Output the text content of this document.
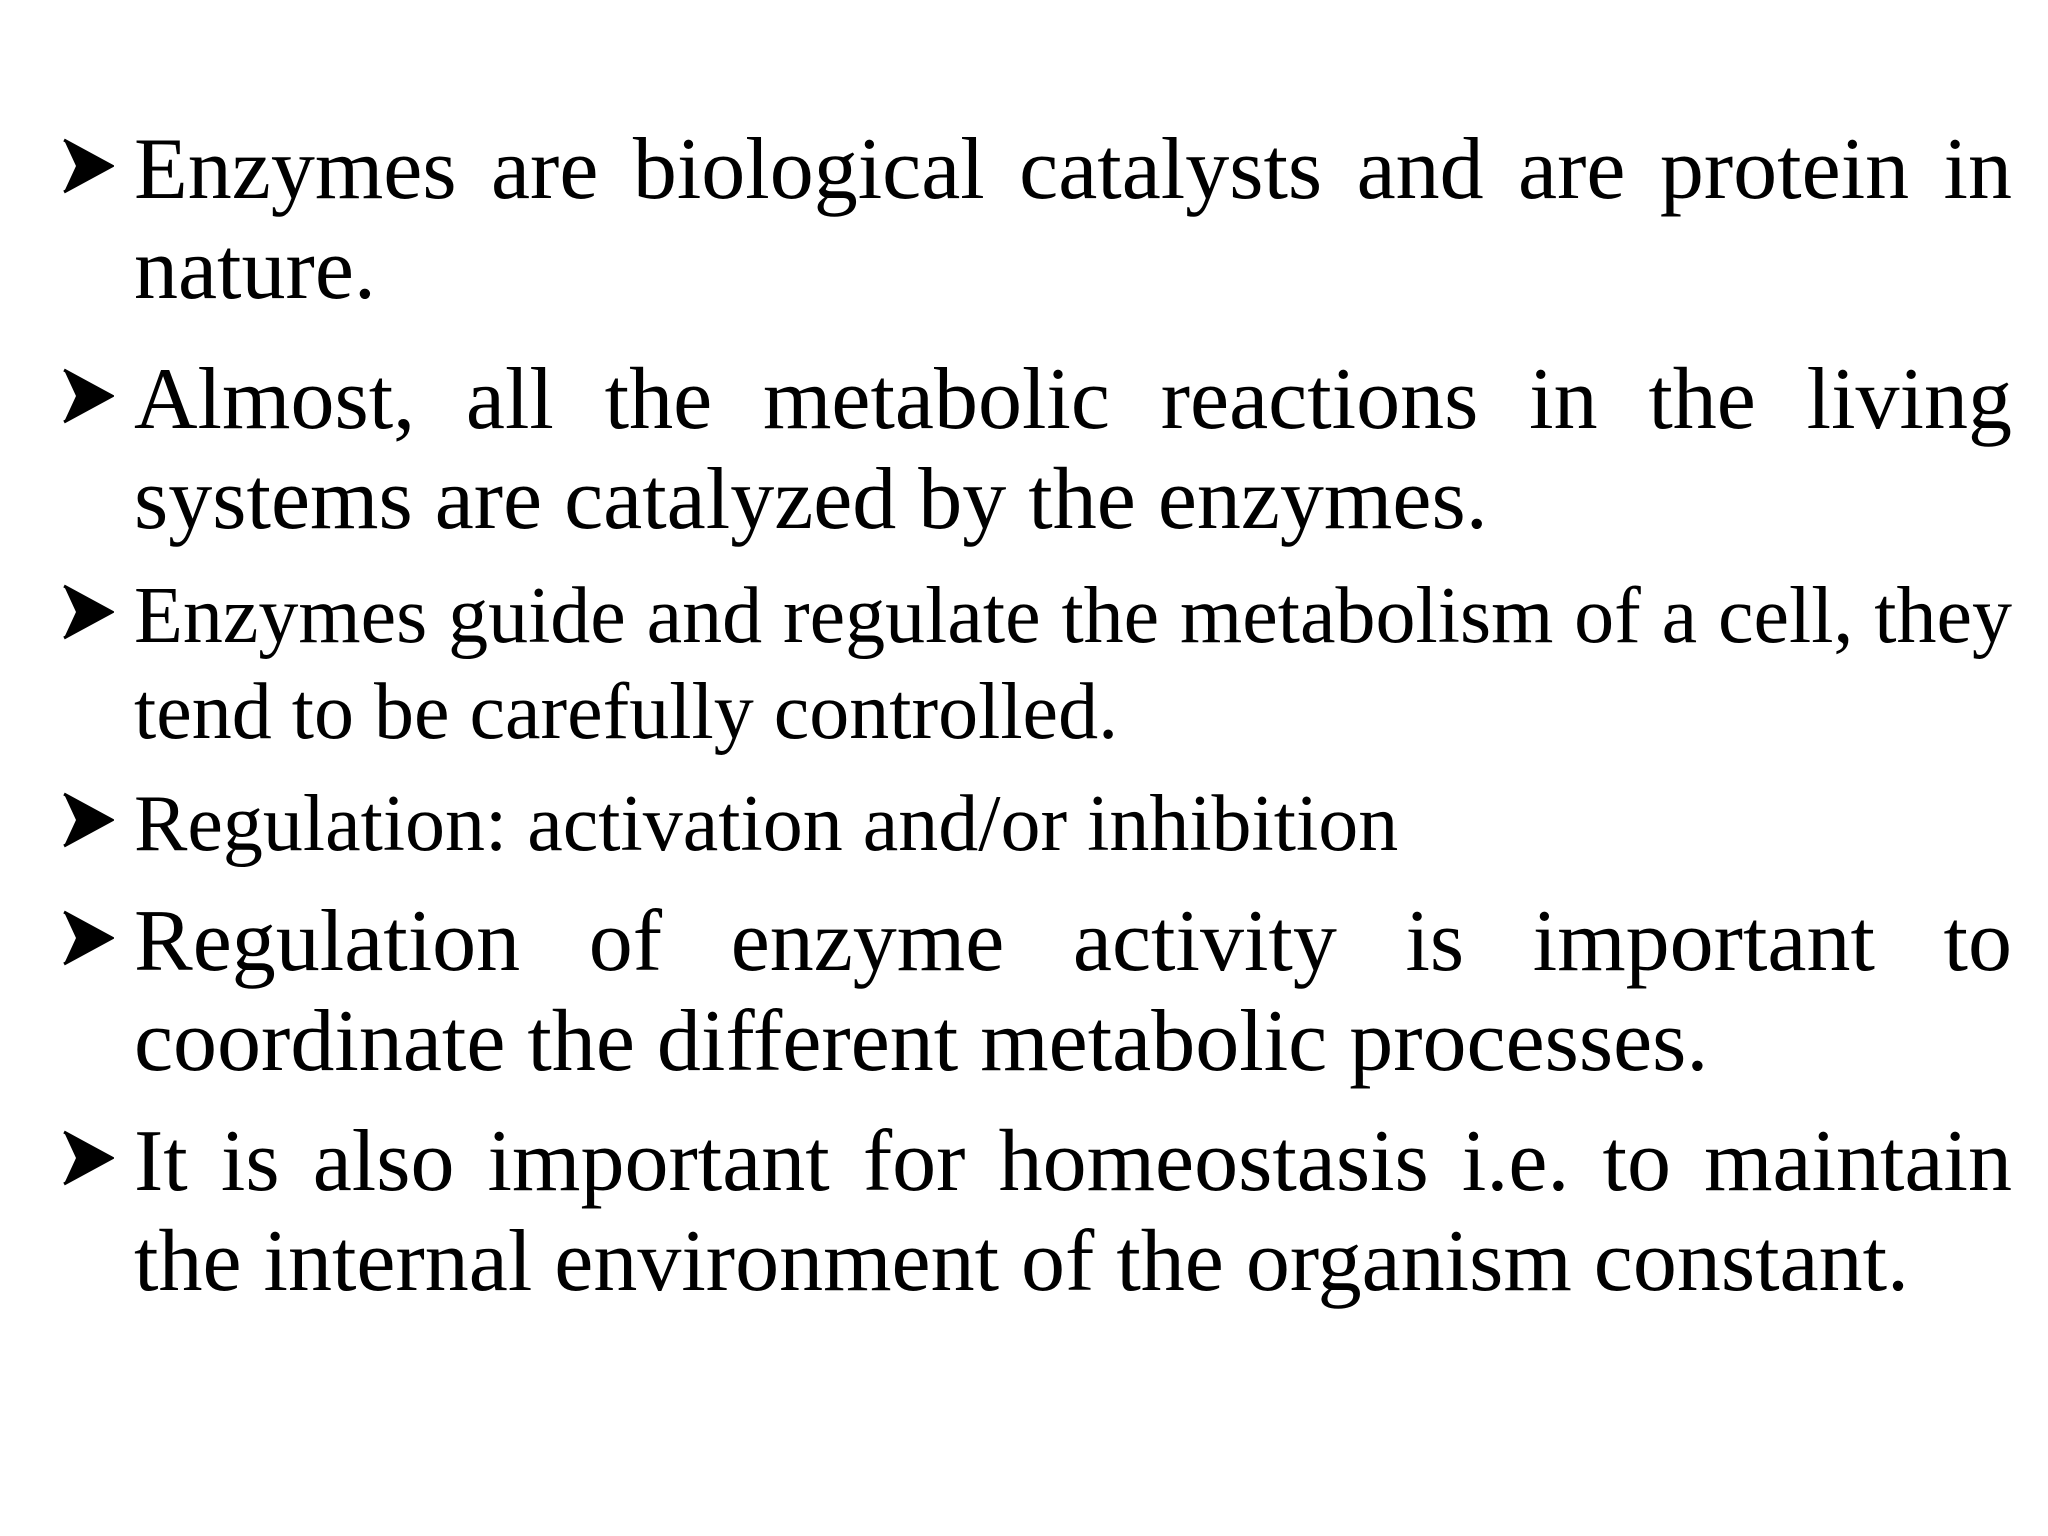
Enzymes are biological catalysts and are protein in nature.
Almost, all the metabolic reactions in the living systems are catalyzed by the enzymes.
Enzymes guide and regulate the metabolism of a cell, they tend to be carefully controlled.
Regulation: activation and/or inhibition
Regulation of enzyme activity is important to coordinate the different metabolic processes.
It is also important for homeostasis i.e. to maintain the internal environment of the organism constant.
